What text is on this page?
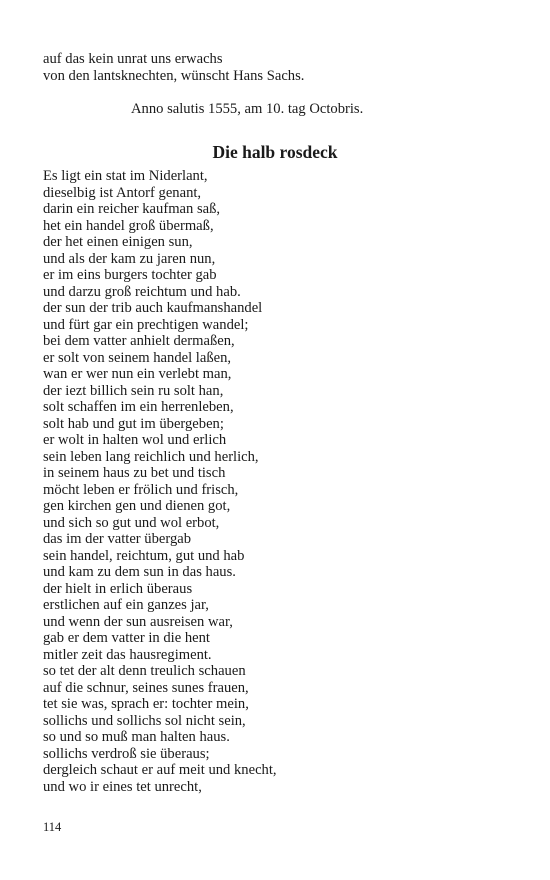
auf das kein unrat uns erwachs
von den lantsknechten, wünscht Hans Sachs.
Anno salutis 1555, am 10. tag Octobris.
Die halb rosdeck
Es ligt ein stat im Niderlant,
dieselbig ist Antorf genant,
darin ein reicher kaufman saß,
het ein handel groß übermaß,
der het einen einigen sun,
und als der kam zu jaren nun,
er im eins burgers tochter gab
und darzu groß reichtum und hab.
der sun der trib auch kaufmanshandel
und fürt gar ein prechtigen wandel;
bei dem vatter anhielt dermaßen,
er solt von seinem handel laßen,
wan er wer nun ein verlebt man,
der iezt billich sein ru solt han,
solt schaffen im ein herrenleben,
solt hab und gut im übergeben;
er wolt in halten wol und erlich
sein leben lang reichlich und herlich,
in seinem haus zu bet und tisch
möcht leben er frölich und frisch,
gen kirchen gen und dienen got,
und sich so gut und wol erbot,
das im der vatter übergab
sein handel, reichtum, gut und hab
und kam zu dem sun in das haus.
der hielt in erlich überaus
erstlichen auf ein ganzes jar,
und wenn der sun ausreisen war,
gab er dem vatter in die hent
mitler zeit das hausregiment.
so tet der alt denn treulich schauen
auf die schnur, seines sunes frauen,
tet sie was, sprach er: tochter mein,
sollichs und sollichs sol nicht sein,
so und so muß man halten haus.
sollichs verdroß sie überaus;
dergleich schaut er auf meit und knecht,
und wo ir eines tet unrecht,
114
